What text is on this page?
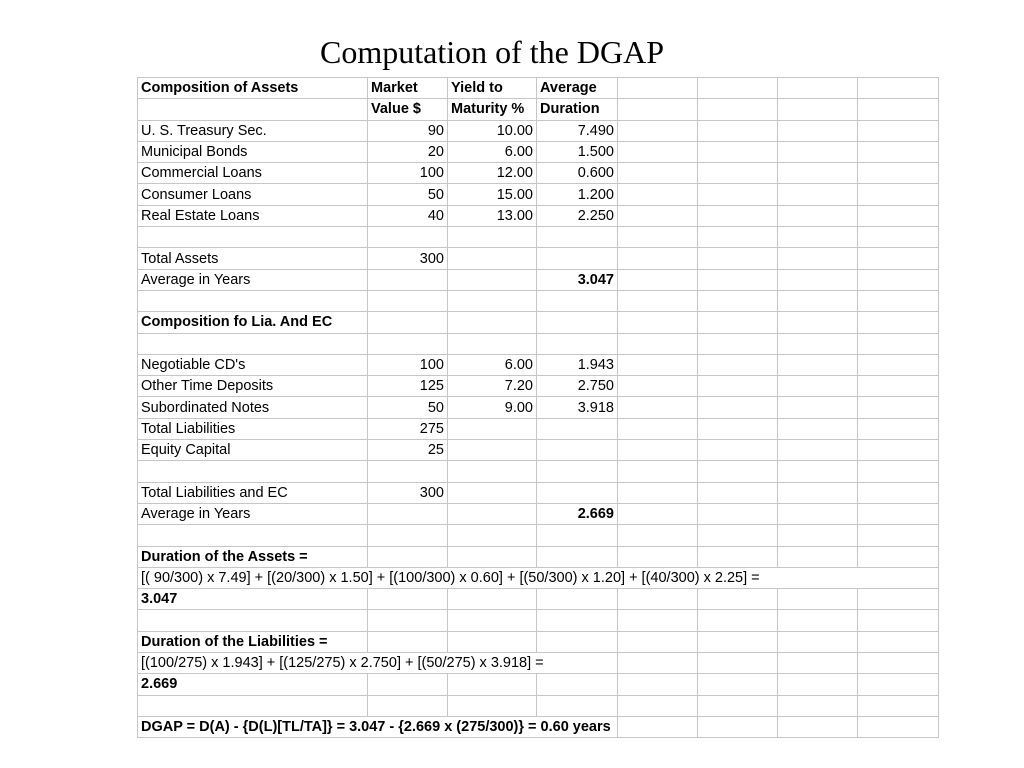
Computation of the DGAP
Composition of Assets	Market	Yield to	Average				
	Value $	Maturity %	Duration				
U. S. Treasury Sec.	90	10.00	7.490				
Municipal Bonds	20	6.00	1.500				
Commercial Loans	100	12.00	0.600				
Consumer Loans	50	15.00	1.200				
Real Estate Loans	40	13.00	2.250				

Total Assets	300						
Average in Years			3.047				

Composition fo Lia. And EC							

Negotiable CD's	100	6.00	1.943				
Other Time Deposits	125	7.20	2.750				
Subordinated Notes	50	9.00	3.918				
Total Liabilities	275						
Equity Capital	25						

Total Liabilities and EC	300						
Average in Years			2.669				

Duration of the Assets =							
[( 90/300) x 7.49] + [(20/300) x 1.50] + [(100/300) x 0.60] + [(50/300) x 1.20] + [(40/300) x 2.25] =							
3.047							

Duration of the Liabilities =							
[(100/275) x 1.943] + [(125/275) x 2.750] + [(50/275) x 3.918] =							
2.669							

DGAP = D(A) - {D(L)[TL/TA]} = 3.047 - {2.669 x (275/300)} = 0.60 years							
